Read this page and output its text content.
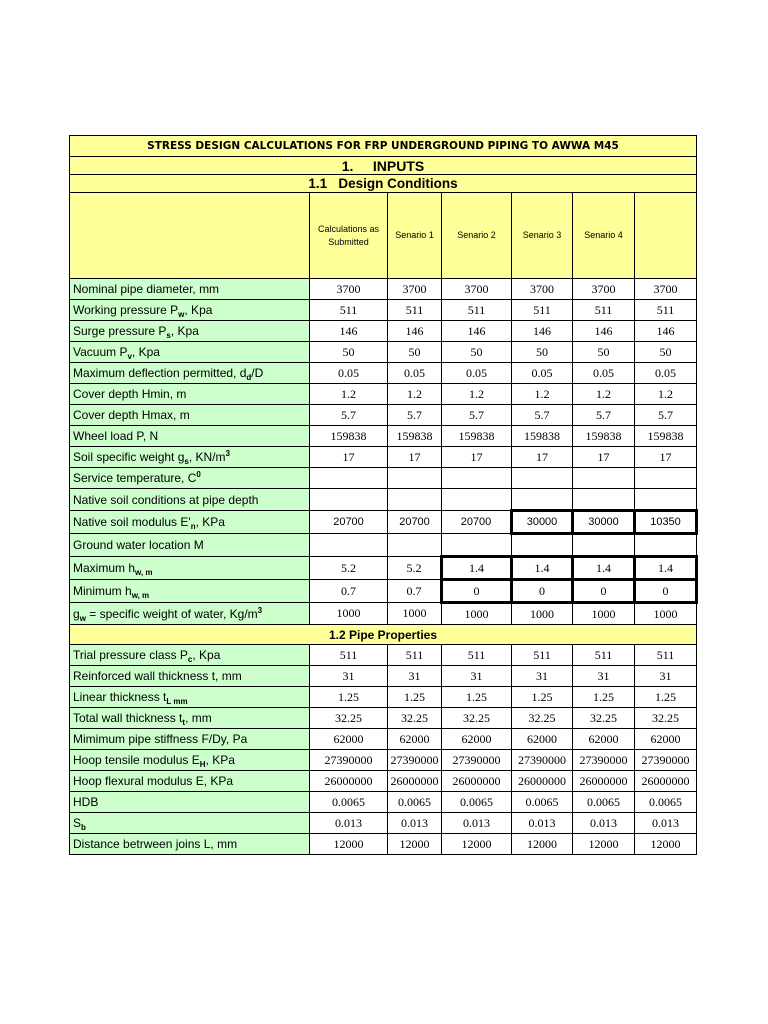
STRESS DESIGN CALCULATIONS FOR FRP UNDERGROUND PIPING TO AWWA M45						
1. INPUTS						
1.1 Design Conditions						
	Calculations as Submitted	Senario 1	Senario 2	Senario 3	Senario 4	
Nominal pipe diameter, mm	3700	3700	3700	3700	3700	3700
Working pressure $P_w$, Kpa	511	511	511	511	511	511
Surge pressure $P_s$, Kpa	146	146	146	146	146	146
Vacuum $P_v$, Kpa	50	50	50	50	50	50
Maximum deflection permitted, $d_d/D$	0.05	0.05	0.05	0.05	0.05	0.05
Cover depth Hmin, m	1.2	1.2	1.2	1.2	1.2	1.2
Cover depth Hmax, m	5.7	5.7	5.7	5.7	5.7	5.7
Wheel load P, N	159838	159838	159838	159838	159838	159838
Soil specific weight $g_s$, $KN/m^3$	17	17	17	17	17	17
Service temperature, $C^0$						
Native soil conditions at pipe depth						
Native soil modulus $E'_n$, KPa	20700	20700	20700	30000	30000	10350
Ground water location M						
Maximum $h_{w, m}$	5.2	5.2	1.4	1.4	1.4	1.4
Minimum $h_{w, m}$	0.7	0.7	0	0	0	0
$g_w$ = specific weight of water, $Kg/m^3$	1000	1000	1000	1000	1000	1000
1.2 Pipe Properties						
Trial pressure class $P_c$, Kpa	511	511	511	511	511	511
Reinforced wall thickness t, mm	31	31	31	31	31	31
Linear thickness $t_{L mm}$	1.25	1.25	1.25	1.25	1.25	1.25
Total wall thickness $t_t$, mm	32.25	32.25	32.25	32.25	32.25	32.25
Mimimum pipe stiffness F/Dy, Pa	62000	62000	62000	62000	62000	62000
Hoop tensile modulus $E_H$, KPa	27390000	27390000	27390000	27390000	27390000	27390000
Hoop flexural modulus E, KPa	26000000	26000000	26000000	26000000	26000000	26000000
HDB	0.0065	0.0065	0.0065	0.0065	0.0065	0.0065
$S_b$	0.013	0.013	0.013	0.013	0.013	0.013
Distance betrween joins L, mm	12000	12000	12000	12000	12000	12000
